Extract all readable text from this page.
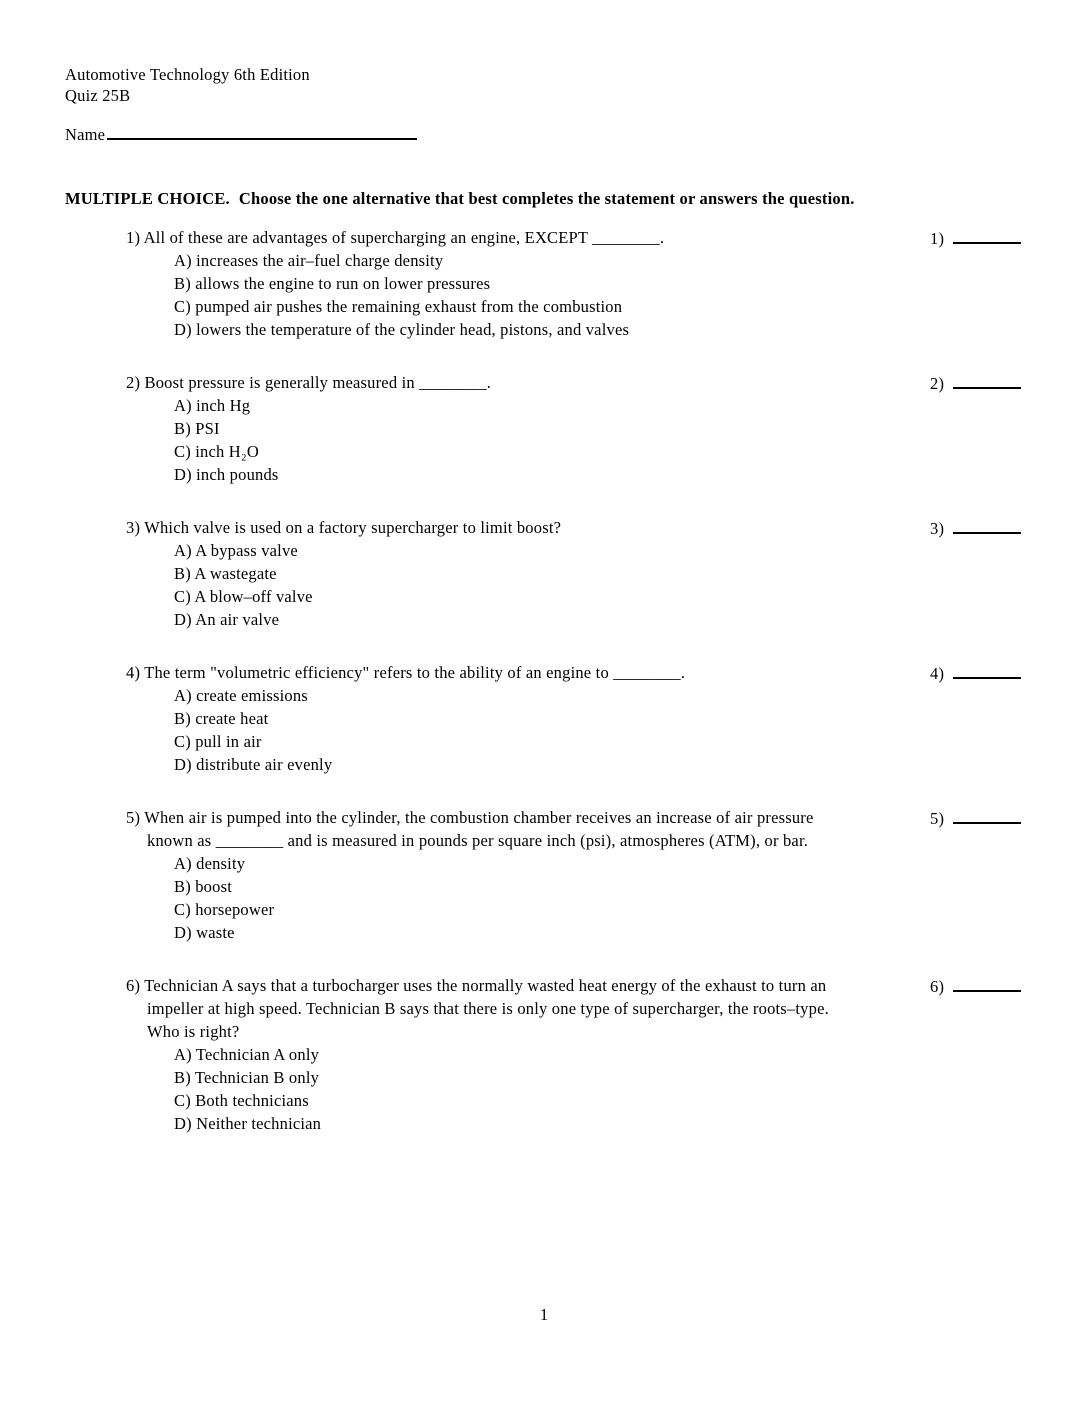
Automotive Technology 6th Edition
Quiz 25B
Name
MULTIPLE CHOICE. Choose the one alternative that best completes the statement or answers the question.
1) All of these are advantages of supercharging an engine, EXCEPT ________.
A) increases the air–fuel charge density
B) allows the engine to run on lower pressures
C) pumped air pushes the remaining exhaust from the combustion
D) lowers the temperature of the cylinder head, pistons, and valves
1)
2) Boost pressure is generally measured in ________.
A) inch Hg
B) PSI
C) inch H₂O
D) inch pounds
2)
3) Which valve is used on a factory supercharger to limit boost?
A) A bypass valve
B) A wastegate
C) A blow–off valve
D) An air valve
3)
4) The term "volumetric efficiency" refers to the ability of an engine to ________.
A) create emissions
B) create heat
C) pull in air
D) distribute air evenly
4)
5) When air is pumped into the cylinder, the combustion chamber receives an increase of air pressure known as ________ and is measured in pounds per square inch (psi), atmospheres (ATM), or bar.
A) density
B) boost
C) horsepower
D) waste
5)
6) Technician A says that a turbocharger uses the normally wasted heat energy of the exhaust to turn an impeller at high speed. Technician B says that there is only one type of supercharger, the roots–type. Who is right?
A) Technician A only
B) Technician B only
C) Both technicians
D) Neither technician
6)
1
